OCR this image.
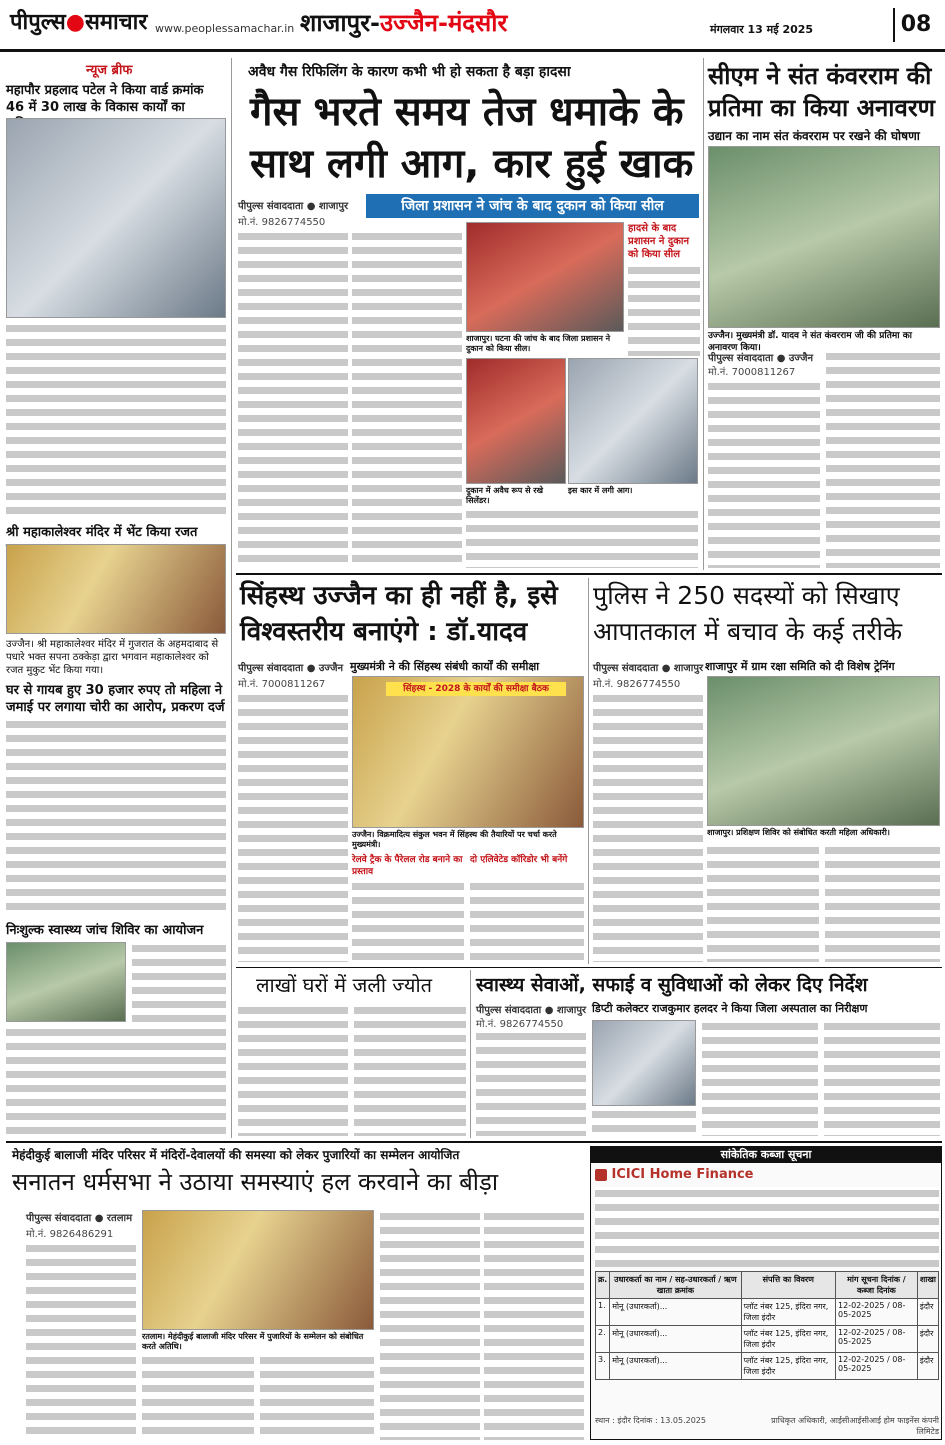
पीपुल्स●समाचार www.peoplessamachar.in शाजापुर-उज्जैन-मंदसौर	मंगलवार 13 मई 2025	08
न्यूज ब्रीफ
महापौर प्रहलाद पटेल ने किया वार्ड क्रमांक 46 में 30 लाख के विकास कार्यों का
श्री महाकालेश्वर मंदिर में भेंट किया रजत
उज्जैन। श्री महाकालेश्वर मंदिर में गुजरात के अहमदाबाद से पधारे भक्त सपना ठक्केड़ा द्वारा भगवान महाकालेश्वर को रजत मुकुट भेंट किया गया।
घर से गायब हुए 30 हजार रुपए तो महिला ने जमाई पर लगाया चोरी का आरोप, प्रकरण दर्ज
निःशुल्क स्वास्थ्य जांच शिविर का आयोजन
अवैध गैस रिफिलिंग के कारण कभी भी हो सकता है बड़ा हादसा
गैस भरते समय तेज धमाके के
साथ लगी आग, कार हुई खाक
पीपुल्स संवाददाता ● शाजापुर	जिला प्रशासन ने जांच के बाद दुकान को किया सील
मो.नं. 9826774550
शाजापुर। घटना की जांच के बाद जिला प्रशासन ने दुकान को किया सील।
दुकान में अवैध रूप से रखे सिलेंडर।
इस कार में लगी आग।
हादसे के बाद प्रशासन ने दुकान को किया सील
सीएम ने संत कंवरराम की
प्रतिमा का किया अनावरण
उद्यान का नाम संत कंवरराम पर रखने की घोषणा
उज्जैन। मुख्यमंत्री डॉ. यादव ने संत कंवरराम जी की प्रतिमा का अनावरण किया।
पीपुल्स संवाददाता ● उज्जैन
मो.नं. 7000811267
सिंहस्थ उज्जैन का ही नहीं है, इसे
विश्वस्तरीय बनाएंगे : डॉ.यादव
पीपुल्स संवाददाता ● उज्जैन मुख्यमंत्री ने की सिंहस्थ संबंधी कार्यों की समीक्षा
मो.नं. 7000811267	सिंहस्थ - 2028 के कार्यों की समीक्षा बैठक
उज्जैन। विक्रमादित्य संकुल भवन में सिंहस्थ की तैयारियों पर चर्चा करते मुख्यमंत्री।
रेलवे ट्रैक के पैरेलल रोड बनाने का प्रस्ताव
दो एलिवेटेड कॉरिडोर भी बनेंगे
पुलिस ने 250 सदस्यों को सिखाए
आपातकाल में बचाव के कई तरीके
पीपुल्स संवाददाता ● शाजापुर शाजापुर में ग्राम रक्षा समिति को दी विशेष ट्रेनिंग
मो.नं. 9826774550
शाजापुर। प्रशिक्षण शिविर को संबोधित करती महिला अधिकारी।
लाखों घरों में जली ज्योत	स्वास्थ्य सेवाओं, सफाई व सुविधाओं को लेकर दिए निर्देश
पीपुल्स संवाददाता ● शाजापुर डिप्टी कलेक्टर राजकुमार हलदर ने किया जिला अस्पताल का निरीक्षण
मो.नं. 9826774550
मेहंदीकुई बालाजी मंदिर परिसर में मंदिरों-देवालयों की समस्या को लेकर पुजारियों का सम्मेलन आयोजित
सनातन धर्मसभा ने उठाया समस्याएं हल करवाने का बीड़ा
पीपुल्स संवाददाता ● रतलाम
मो.नं. 9826486291
रतलाम। मेहंदीकुई बालाजी मंदिर परिसर में पुजारियों के सम्मेलन को संबोधित करते अतिथि।
सांकेतिक कब्जा सूचना
ICICI Home Finance
क्र.	उधारकर्ता का नाम / सह-उधारकर्ता / ऋण खाता क्रमांक	संपत्ति का विवरण	मांग सूचना दिनांक / कब्जा दिनांक	शाखा
1.	मोनू (उधारकर्ता)...	प्लॉट नंबर 125, इंदिरा नगर, जिला इंदौर	12-02-2025 / 08-05-2025	इंदौर
2.	मोनू (उधारकर्ता)...	प्लॉट नंबर 125, इंदिरा नगर, जिला इंदौर	12-02-2025 / 08-05-2025	इंदौर
3.	मोनू (उधारकर्ता)...	प्लॉट नंबर 125, इंदिरा नगर, जिला इंदौर	12-02-2025 / 08-05-2025	इंदौर
स्थान : इंदौर दिनांक : 13.05.2025	प्राधिकृत अधिकारी, आईसीआईसीआई होम फाइनेंस कंपनी लिमिटेड
